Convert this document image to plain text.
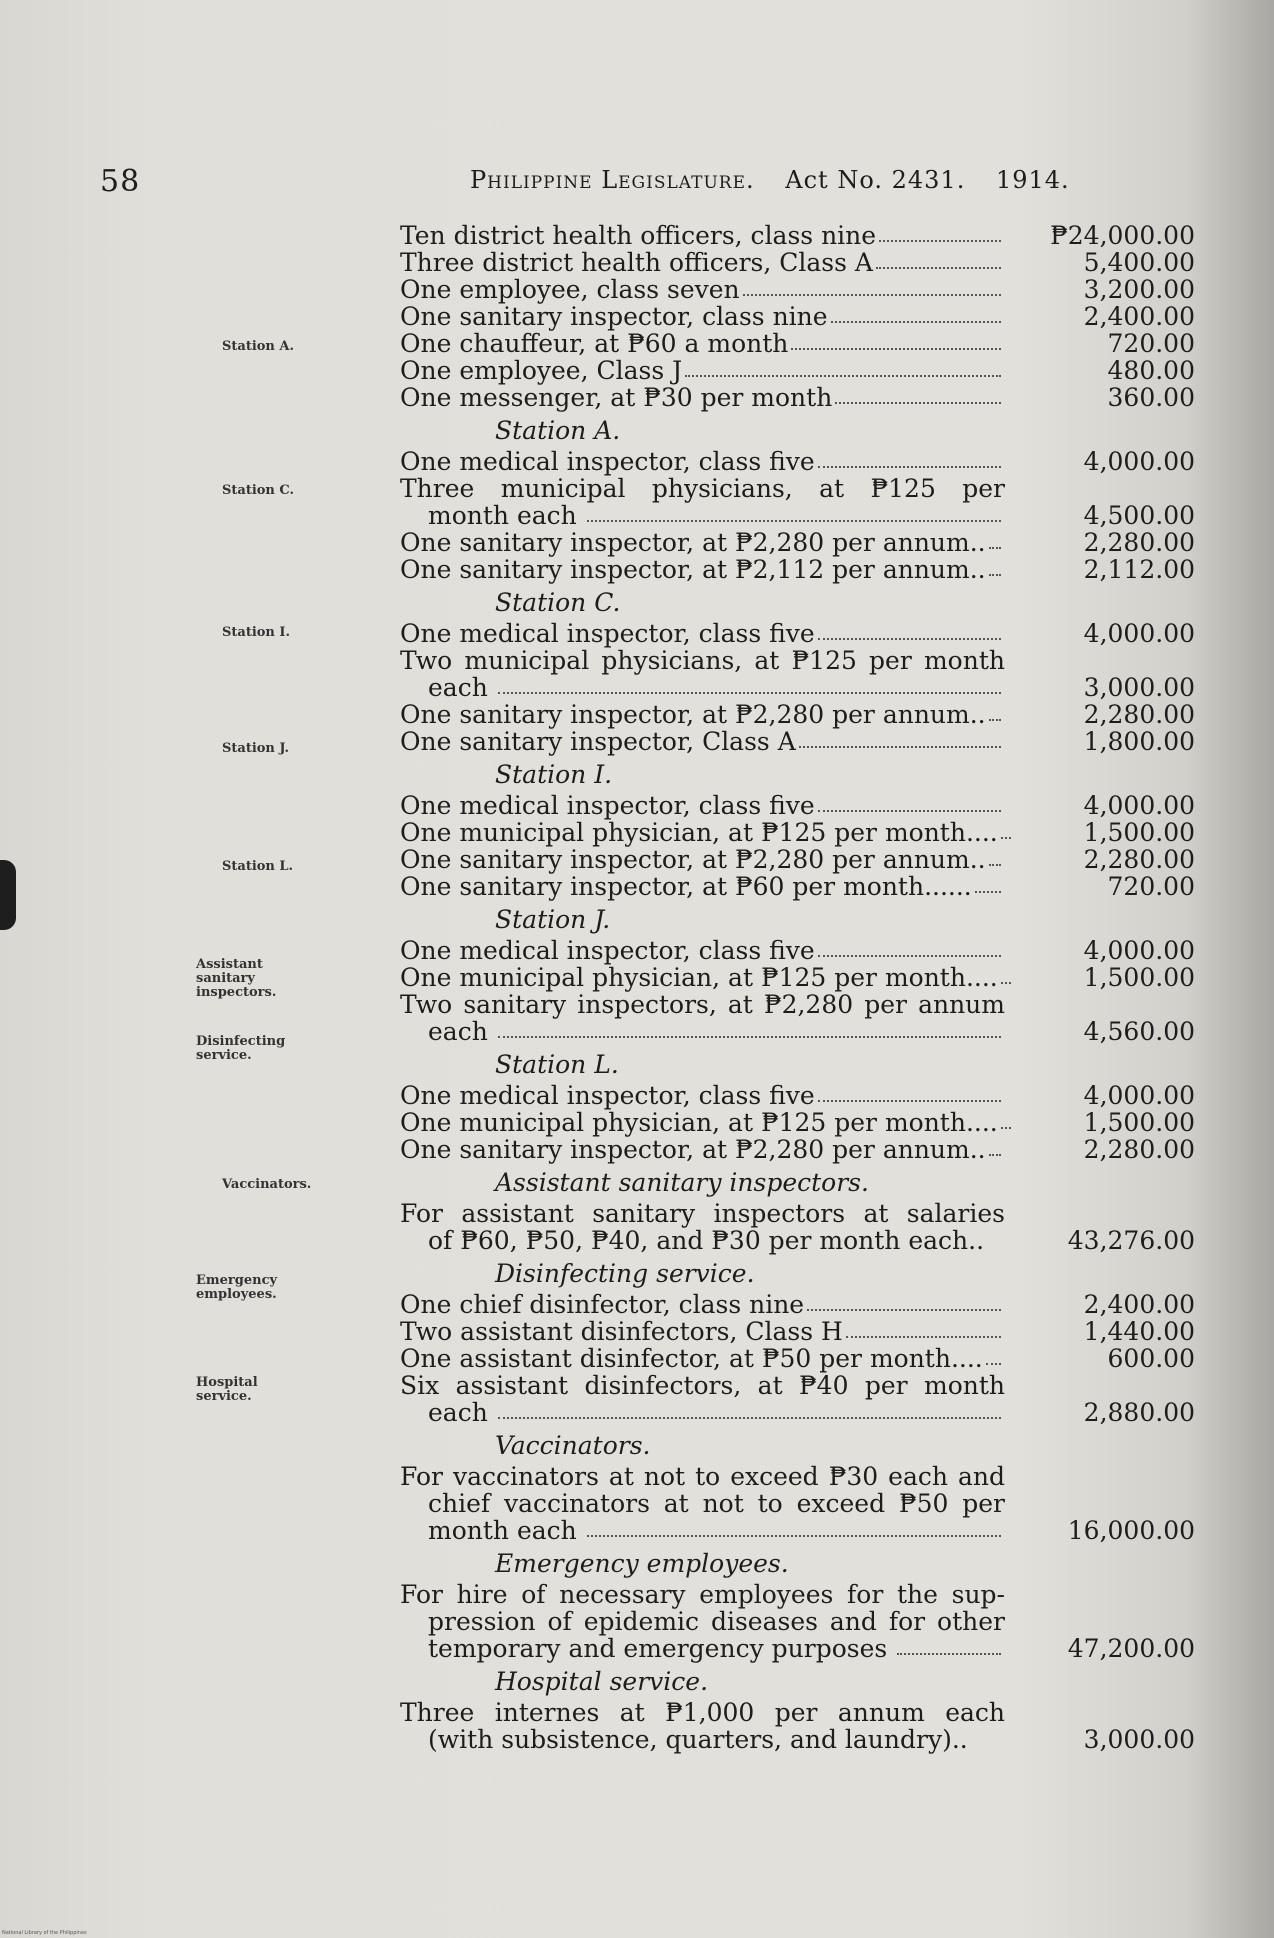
58	Philippine Legislature. Act No. 2431. 1914.
Ten district health officers, class nine	₱24,000.00
Three district health officers, Class A	5,400.00
One employee, class seven	3,200.00
One sanitary inspector, class nine	2,400.00
One chauffeur, at ₱60 a month	720.00
One employee, Class J	480.00
One messenger, at ₱30 per month	360.00
Station A.
One medical inspector, class five	4,000.00
Three municipal physicians, at ₱125 per
month each	4,500.00
One sanitary inspector, at ₱2,280 per annum..	2,280.00
One sanitary inspector, at ₱2,112 per annum..	2,112.00
Station C.
One medical inspector, class five	4,000.00
Two municipal physicians, at ₱125 per month
each	3,000.00
One sanitary inspector, at ₱2,280 per annum..	2,280.00
One sanitary inspector, Class A	1,800.00
Station I.
One medical inspector, class five	4,000.00
One municipal physician, at ₱125 per month....	1,500.00
One sanitary inspector, at ₱2,280 per annum..	2,280.00
One sanitary inspector, at ₱60 per month......	720.00
Station J.
One medical inspector, class five	4,000.00
One municipal physician, at ₱125 per month....	1,500.00
Two sanitary inspectors, at ₱2,280 per annum
each	4,560.00
Station L.
One medical inspector, class five	4,000.00
One municipal physician, at ₱125 per month....	1,500.00
One sanitary inspector, at ₱2,280 per annum..	2,280.00
Assistant sanitary inspectors.
For assistant sanitary inspectors at salaries
of ₱60, ₱50, ₱40, and ₱30 per month each..	43,276.00
Disinfecting service.
One chief disinfector, class nine	2,400.00
Two assistant disinfectors, Class H	1,440.00
One assistant disinfector, at ₱50 per month....	600.00
Six assistant disinfectors, at ₱40 per month
each	2,880.00
Vaccinators.
For vaccinators at not to exceed ₱30 each and
chief vaccinators at not to exceed ₱50 per
month each	16,000.00
Emergency employees.
For hire of necessary employees for the sup-
pression of epidemic diseases and for other
temporary and emergency purposes	47,200.00
Hospital service.
Three internes at ₱1,000 per annum each
(with subsistence, quarters, and laundry)..	3,000.00
Station A.
Station C.
Station I.
Station J.
Station L.
Assistant sanitary inspectors.
Disinfecting service.
Vaccinators.
Emergency employees.
Hospital service.
National Library of the Philippines
